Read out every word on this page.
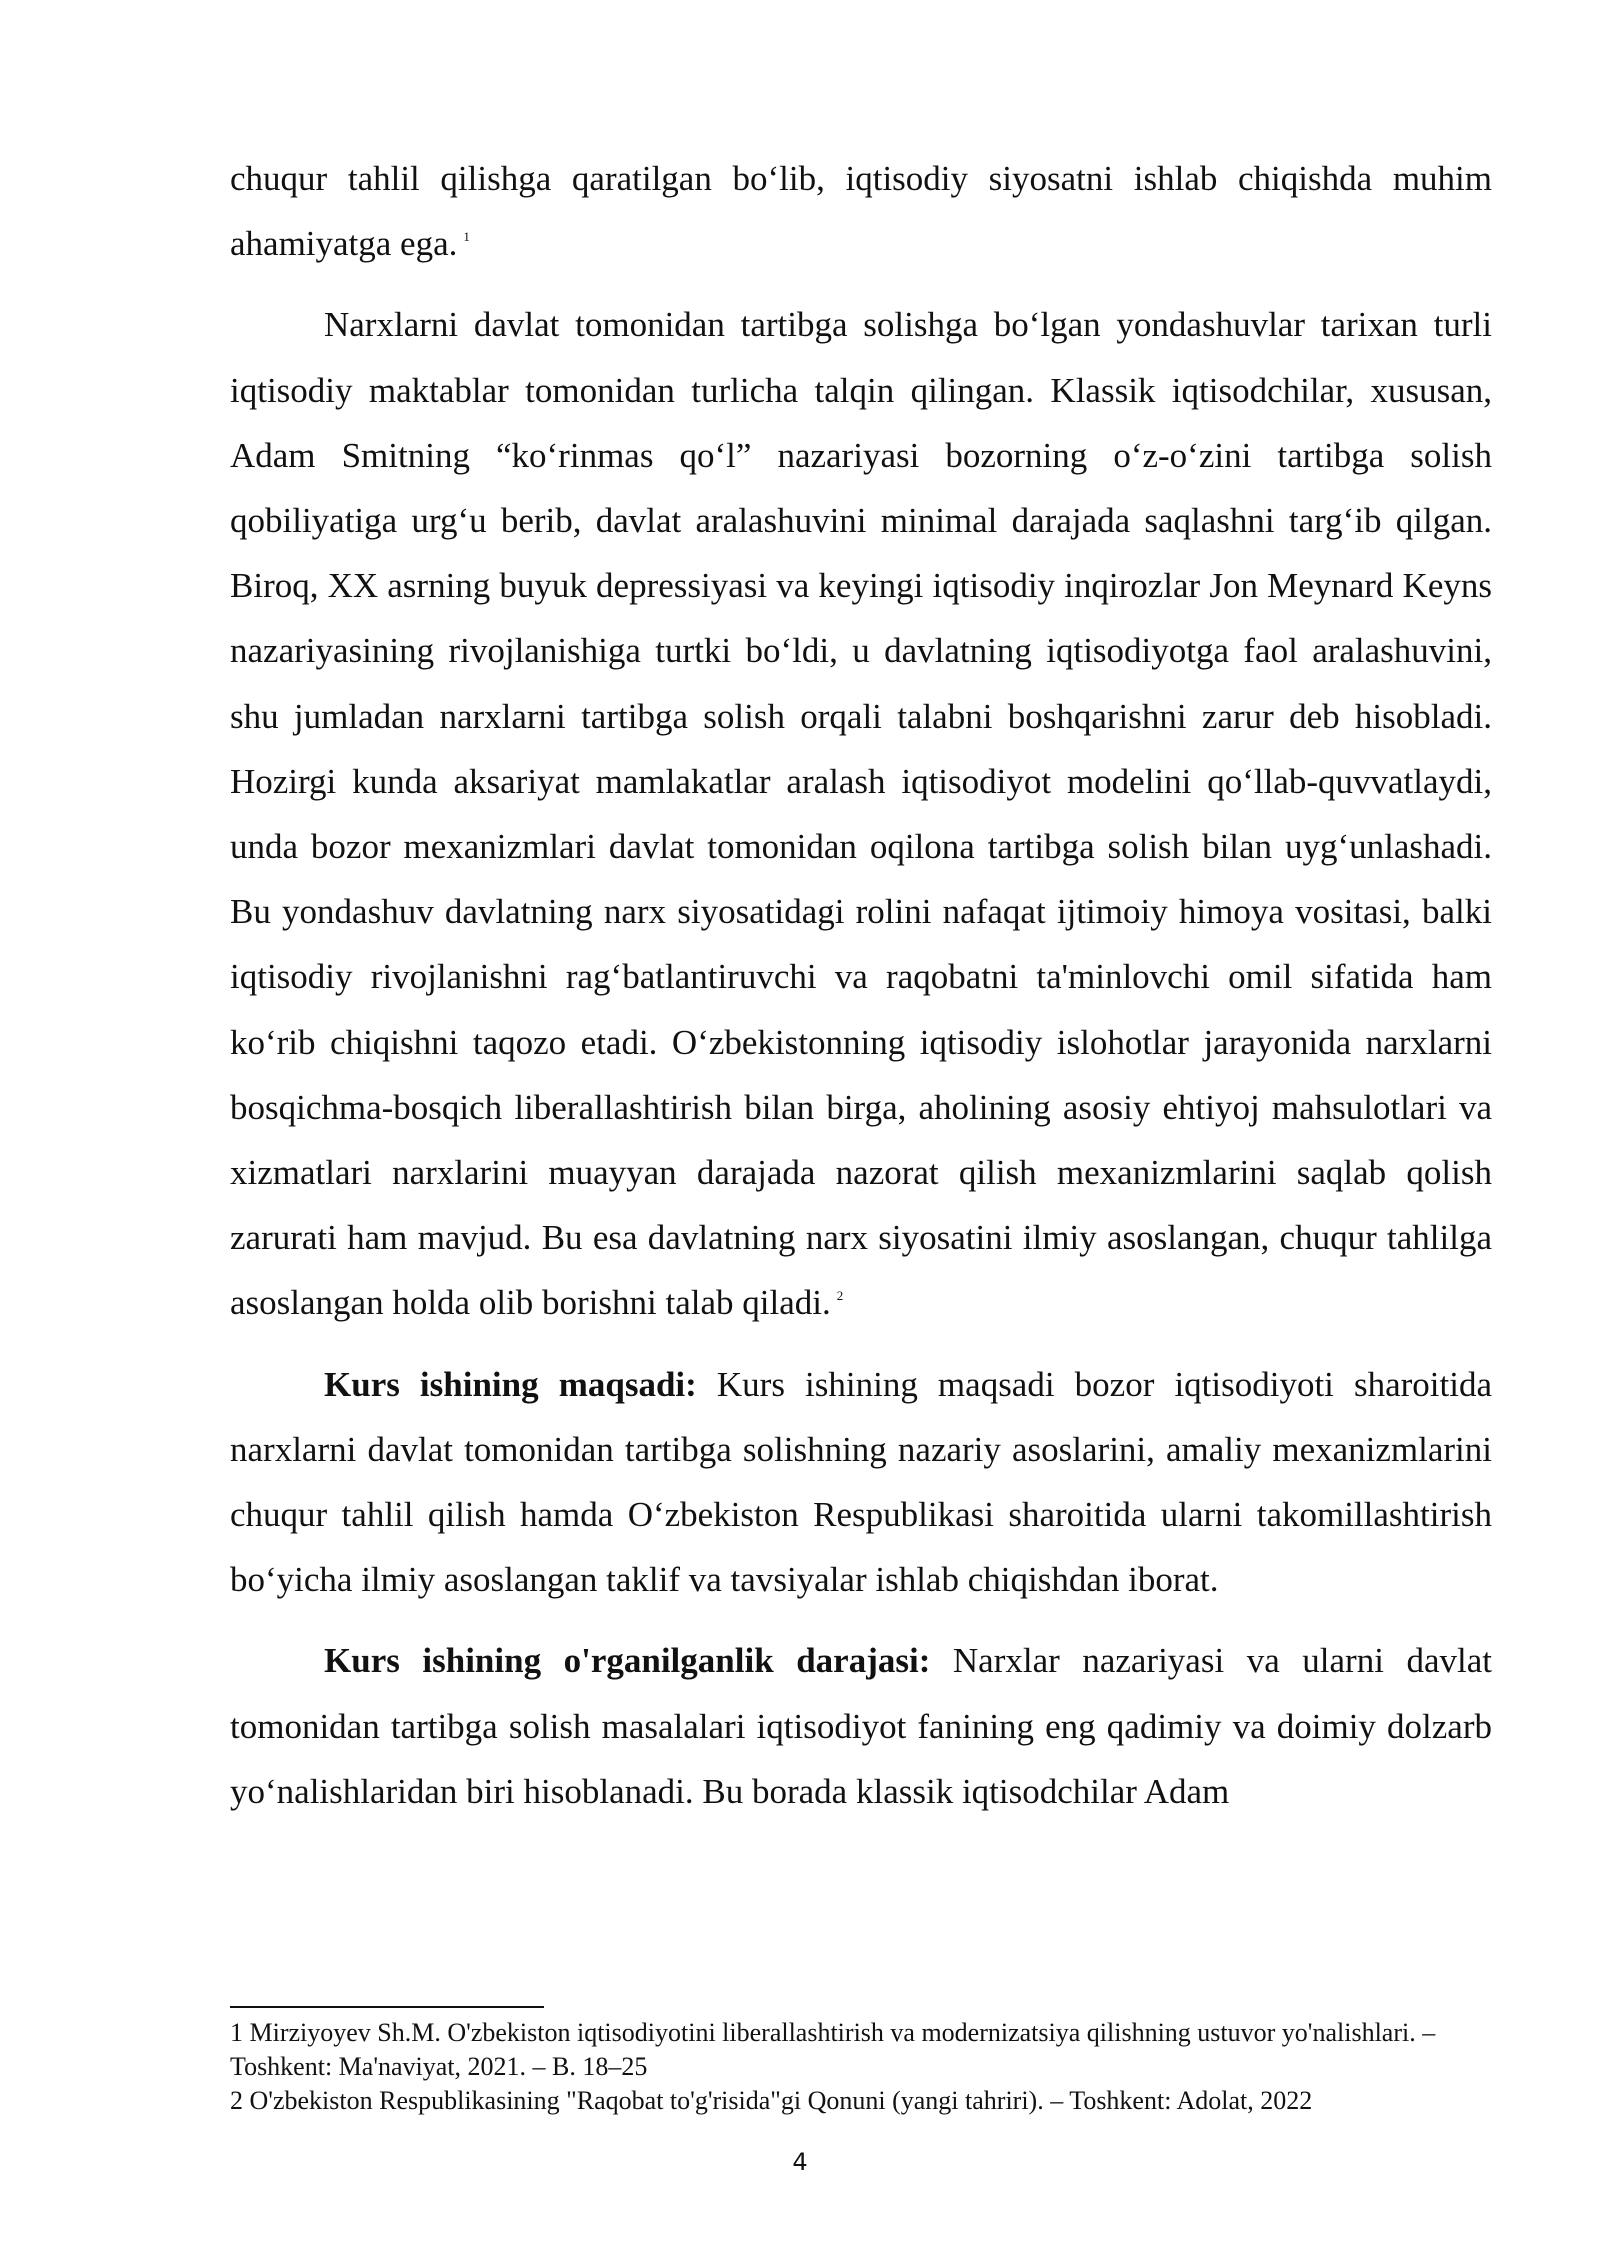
chuqur tahlil qilishga qaratilgan bo‘lib, iqtisodiy siyosatni ishlab chiqishda muhim ahamiyatga ega. $^1$

Narxlarni davlat tomonidan tartibga solishga bo‘lgan yondashuvlar tarixan turli iqtisodiy maktablar tomonidan turlicha talqin qilingan. Klassik iqtisodchilar, xususan, Adam Smitning “ko‘rinmas qo‘l” nazariyasi bozorning o‘z-o‘zini tartibga solish qobiliyatiga urg‘u berib, davlat aralashuvini minimal darajada saqlashni targ‘ib qilgan. Biroq, XX asrning buyuk depressiyasi va keyingi iqtisodiy inqirozlar Jon Meynard Keyns nazariyasining rivojlanishiga turtki bo‘ldi, u davlatning iqtisodiyotga faol aralashuvini, shu jumladan narxlarni tartibga solish orqali talabni boshqarishni zarur deb hisobladi. Hozirgi kunda aksariyat mamlakatlar aralash iqtisodiyot modelini qo‘llab-quvvatlaydi, unda bozor mexanizmlari davlat tomonidan oqilona tartibga solish bilan uyg‘unlashadi. Bu yondashuv davlatning narx siyosatidagi rolini nafaqat ijtimoiy himoya vositasi, balki iqtisodiy rivojlanishni rag‘batlantiruvchi va raqobatni ta'minlovchi omil sifatida ham ko‘rib chiqishni taqozo etadi. O‘zbekistonning iqtisodiy islohotlar jarayonida narxlarni bosqichma-bosqich liberallashtirish bilan birga, aholining asosiy ehtiyoj mahsulotlari va xizmatlari narxlarini muayyan darajada nazorat qilish mexanizmlarini saqlab qolish zarurati ham mavjud. Bu esa davlatning narx siyosatini ilmiy asoslangan, chuqur tahlilga asoslangan holda olib borishni talab qiladi. $^2$

Kurs ishining maqsadi: Kurs ishining maqsadi bozor iqtisodiyoti sharoitida narxlarni davlat tomonidan tartibga solishning nazariy asoslarini, amaliy mexanizmlarini chuqur tahlil qilish hamda O‘zbekiston Respublikasi sharoitida ularni takomillashtirish bo‘yicha ilmiy asoslangan taklif va tavsiyalar ishlab chiqishdan iborat.

Kurs ishining o'rganilganlik darajasi: Narxlar nazariyasi va ularni davlat tomonidan tartibga solish masalalari iqtisodiyot fanining eng qadimiy va doimiy dolzarb yo‘nalishlaridan biri hisoblanadi. Bu borada klassik iqtisodchilar Adam

1 Mirziyoyev Sh.M. O'zbekiston iqtisodiyotini liberallashtirish va modernizatsiya qilishning ustuvor yo'nalishlari. – Toshkent: Ma'naviyat, 2021. – B. 18–25

2 O'zbekiston Respublikasining "Raqobat to'g'risida"gi Qonuni (yangi tahriri). – Toshkent: Adolat, 2022

4
